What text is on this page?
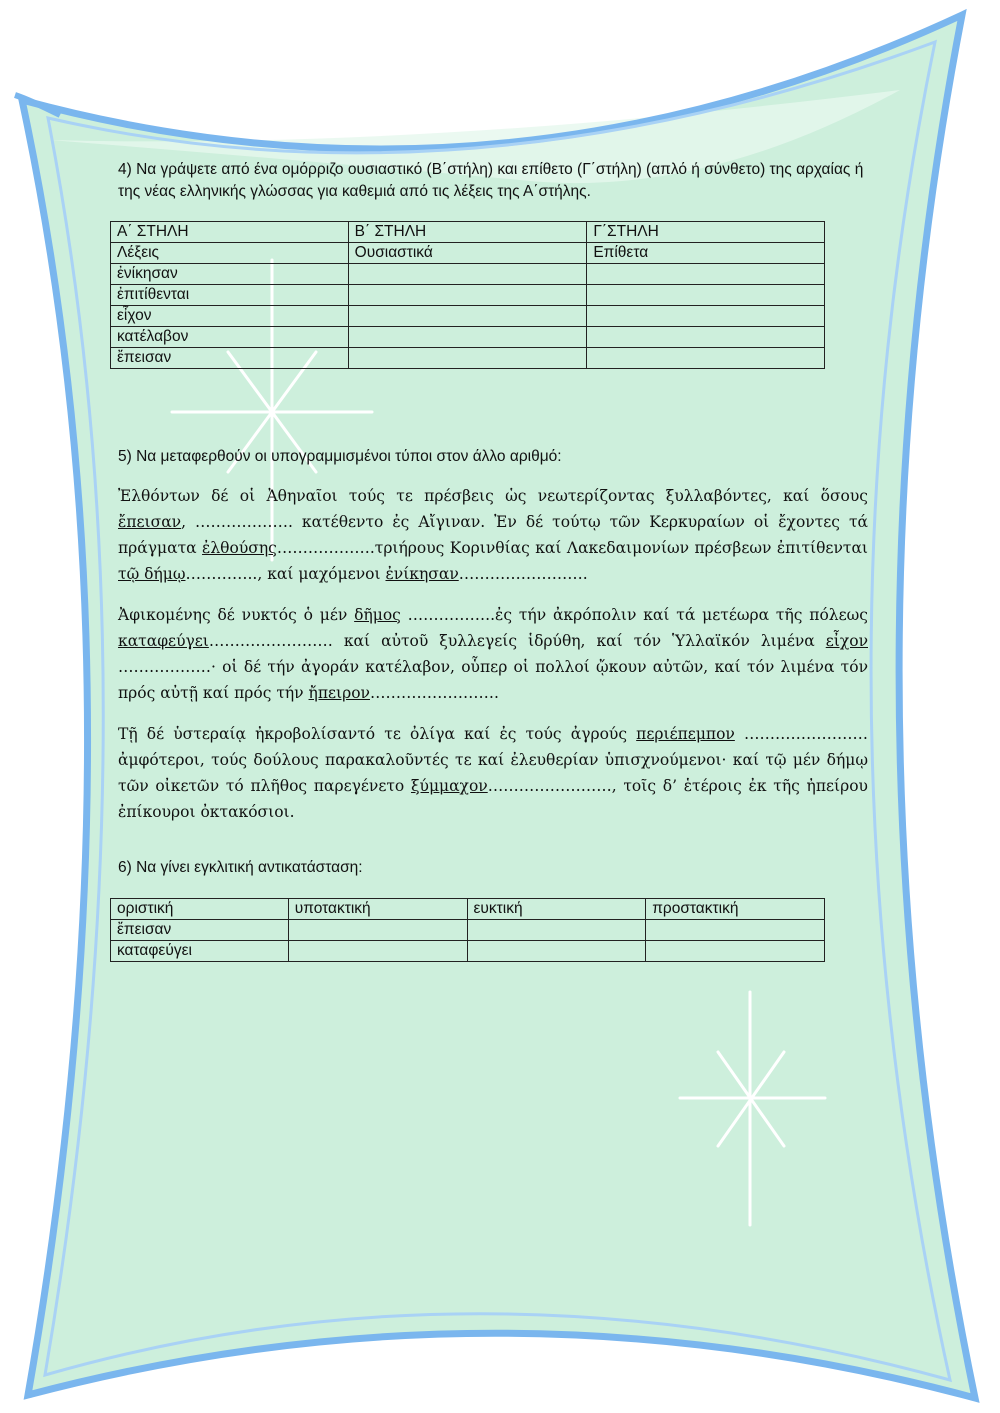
4) Να γράψετε από ένα ομόρριζο ουσιαστικό (Β΄στήλη) και επίθετο (Γ΄στήλη) (απλό ή σύνθετο) της αρχαίας ή της νέας ελληνικής γλώσσας για καθεμιά από τις λέξεις της Α΄στήλης.
Α΄ ΣΤΗΛΗ	Β΄ ΣΤΗΛΗ	Γ΄ΣΤΗΛΗ
Λέξεις	Ουσιαστικά	Επίθετα
ἐνίκησαν		
ἐπιτίθενται		
εἶχον		
κατέλαβον		
ἔπεισαν		
5) Να μεταφερθούν οι υπογραμμισμένοι τύποι στον άλλο αριθμό:

Ἐλθόντων δέ οἱ Ἀθηναῖοι τούς τε πρέσβεις ὡς νεωτερίζοντας ξυλλαβόντες, καί ὅσους ἔπεισαν, ………………. κατέθεντο ἐς Αἴγιναν. Ἐν δέ τούτῳ τῶν Κερκυραίων οἱ ἔχοντες τά πράγματα ἐλθούσης……………….τριήρους Κορινθίας καί Λακεδαιμονίων πρέσβεων ἐπιτίθενται τῷ δήμῳ………….., καί μαχόμενοι ἐνίκησαν…………………….

Ἀφικομένης δέ νυκτός ὁ μέν δῆμος ……………..ἐς τήν ἀκρόπολιν καί τά μετέωρα τῆς πόλεως καταφεύγει…………………… καί αὐτοῦ ξυλλεγείς ἱδρύθη, καί τόν Ὑλλαϊκόν λιμένα εἶχον ………………· οἱ δέ τήν ἀγοράν κατέλαβον, οὗπερ οἱ πολλοί ᾤκουν αὐτῶν, καί τόν λιμένα τόν πρός αὐτῇ καί πρός τήν ἤπειρον…………………….

Τῇ δέ ὑστεραίᾳ ἠκροβολίσαντό τε ὀλίγα καί ἐς τούς ἀγρούς περιέπεμπον ……………………ἀμφότεροι, τούς δούλους παρακαλοῦντές τε καί ἐλευθερίαν ὑπισχνούμενοι· καί τῷ μέν δήμῳ τῶν οἰκετῶν τό πλῆθος παρεγένετο ξύμμαχον……………………, τοῖς δ’ ἑτέροις ἐκ τῆς ἠπείρου ἐπίκουροι ὀκτακόσιοι.

6) Να γίνει εγκλιτική αντικατάσταση:
οριστική	υποτακτική	ευκτική	προστακτική
ἔπεισαν			
καταφεύγει			
